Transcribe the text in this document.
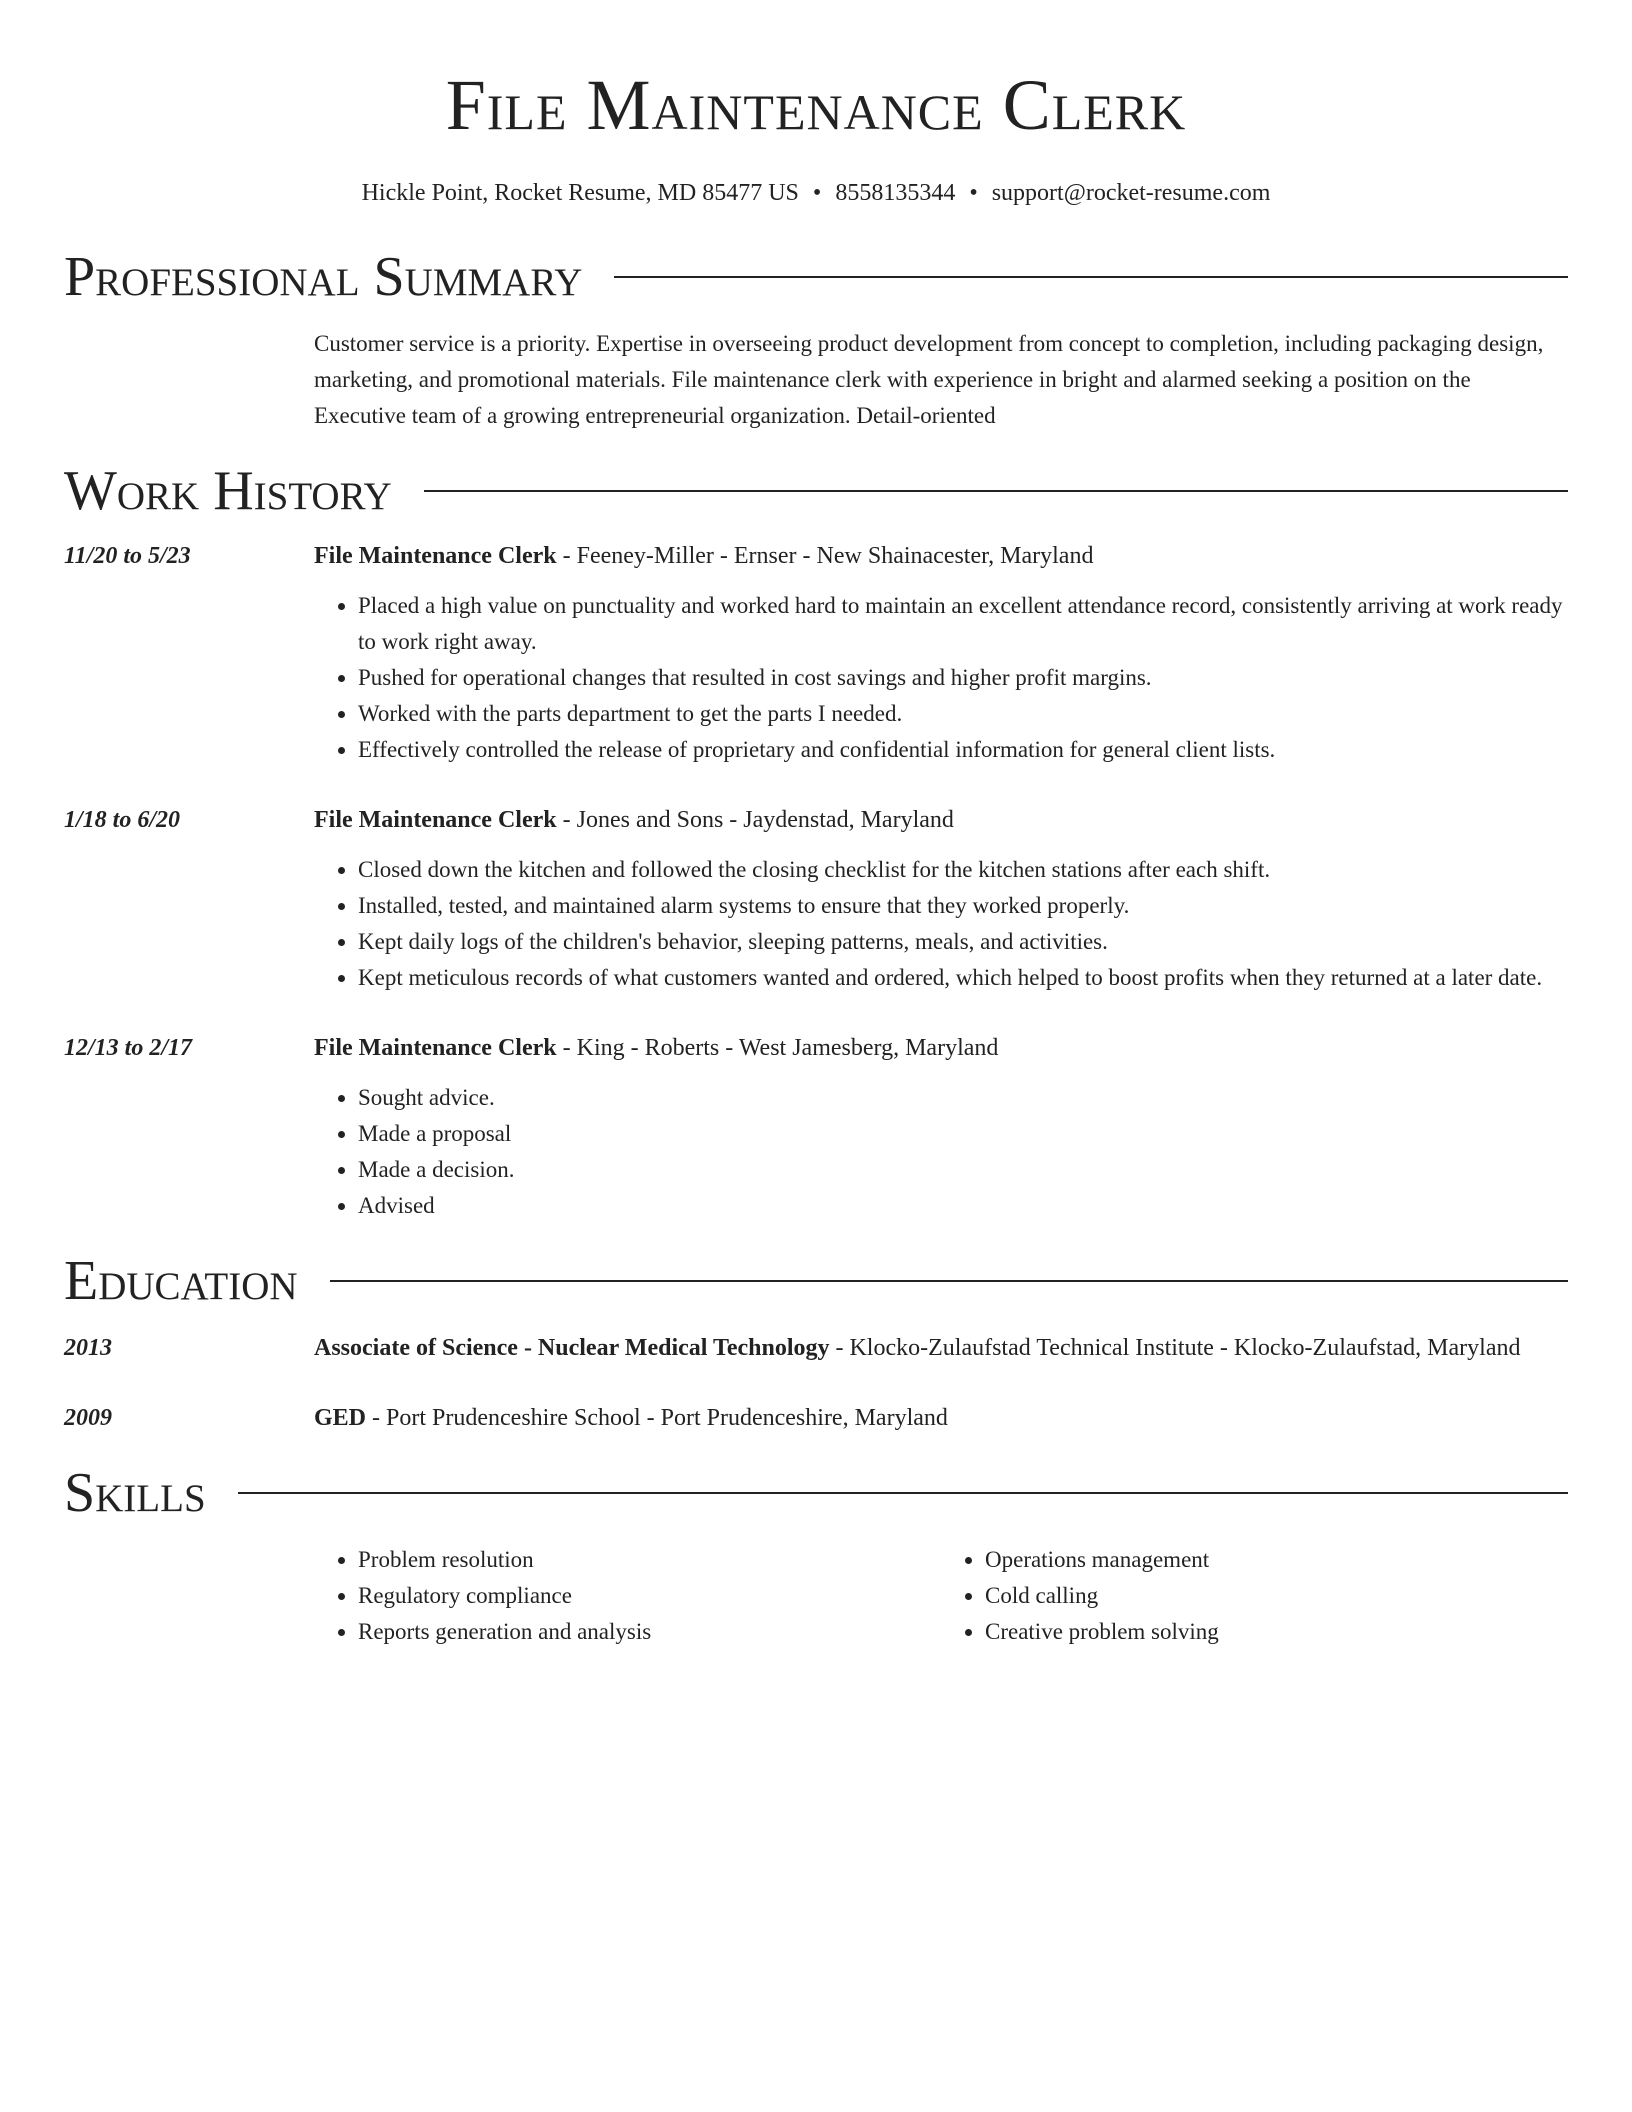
File Maintenance Clerk
Hickle Point, Rocket Resume, MD 85477 US • 8558135344 • support@rocket-resume.com
Professional Summary
Customer service is a priority. Expertise in overseeing product development from concept to completion, including packaging design, marketing, and promotional materials. File maintenance clerk with experience in bright and alarmed seeking a position on the Executive team of a growing entrepreneurial organization. Detail-oriented
Work History
11/20 to 5/23	File Maintenance Clerk - Feeney-Miller - Ernser - New Shainacester, Maryland
• Placed a high value on punctuality and worked hard to maintain an excellent attendance record, consistently arriving at work ready to work right away.
• Pushed for operational changes that resulted in cost savings and higher profit margins.
• Worked with the parts department to get the parts I needed.
• Effectively controlled the release of proprietary and confidential information for general client lists.
1/18 to 6/20	File Maintenance Clerk - Jones and Sons - Jaydenstad, Maryland
• Closed down the kitchen and followed the closing checklist for the kitchen stations after each shift.
• Installed, tested, and maintained alarm systems to ensure that they worked properly.
• Kept daily logs of the children's behavior, sleeping patterns, meals, and activities.
• Kept meticulous records of what customers wanted and ordered, which helped to boost profits when they returned at a later date.
12/13 to 2/17	File Maintenance Clerk - King - Roberts - West Jamesberg, Maryland
• Sought advice.
• Made a proposal
• Made a decision.
• Advised
Education
2013	Associate of Science - Nuclear Medical Technology - Klocko-Zulaufstad Technical Institute - Klocko-Zulaufstad, Maryland
2009	GED - Port Prudenceshire School - Port Prudenceshire, Maryland
Skills
• Problem resolution
• Regulatory compliance
• Reports generation and analysis
• Operations management
• Cold calling
• Creative problem solving
